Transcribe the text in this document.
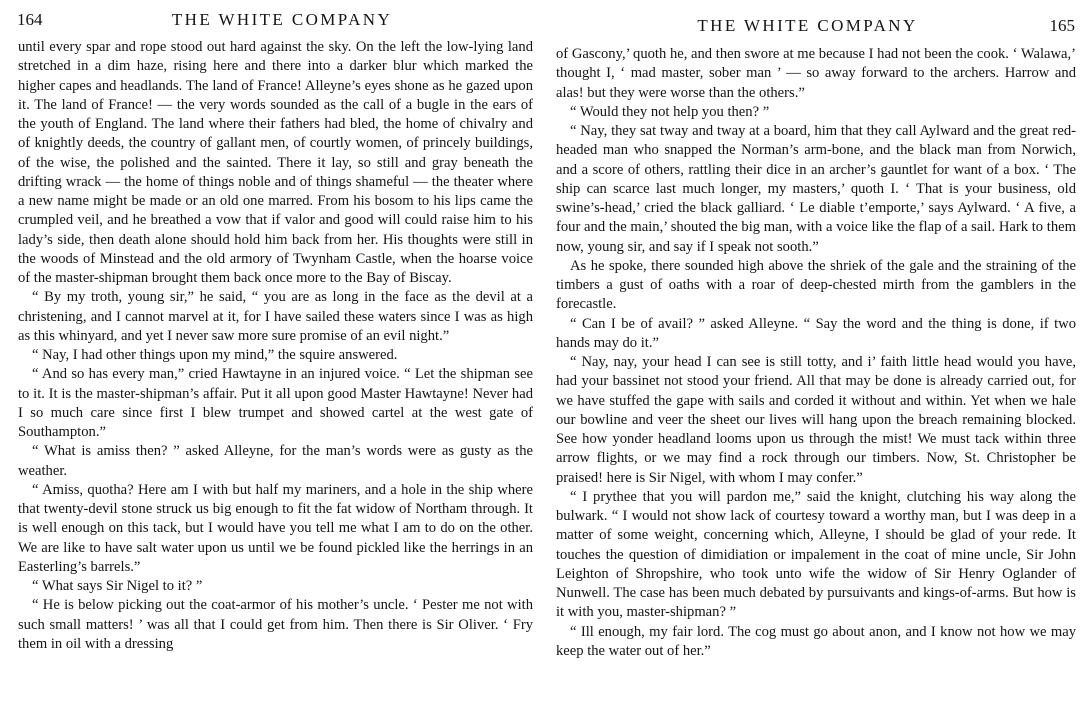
164	THE WHITE COMPANY

until every spar and rope stood out hard against the sky. On the left the low-lying land stretched in a dim haze, rising here and there into a darker blur which marked the higher capes and headlands. The land of France! Alleyne’s eyes shone as he gazed upon it. The land of France! — the very words sounded as the call of a bugle in the ears of the youth of England. The land where their fathers had bled, the home of chivalry and of knightly deeds, the country of gallant men, of courtly women, of princely buildings, of the wise, the polished and the sainted. There it lay, so still and gray beneath the drifting wrack — the home of things noble and of things shameful — the theater where a new name might be made or an old one marred. From his bosom to his lips came the crumpled veil, and he breathed a vow that if valor and good will could raise him to his lady’s side, then death alone should hold him back from her. His thoughts were still in the woods of Minstead and the old armory of Twynham Castle, when the hoarse voice of the master-shipman brought them back once more to the Bay of Biscay.

“ By my troth, young sir,” he said, “ you are as long in the face as the devil at a christening, and I cannot marvel at it, for I have sailed these waters since I was as high as this whinyard, and yet I never saw more sure promise of an evil night.”

“ Nay, I had other things upon my mind,” the squire answered.

“ And so has every man,” cried Hawtayne in an injured voice. “ Let the shipman see to it. It is the master-shipman’s affair. Put it all upon good Master Hawtayne! Never had I so much care since first I blew trumpet and showed cartel at the west gate of Southampton.”

“ What is amiss then? ” asked Alleyne, for the man’s words were as gusty as the weather.

“ Amiss, quotha? Here am I with but half my mariners, and a hole in the ship where that twenty-devil stone struck us big enough to fit the fat widow of Northam through. It is well enough on this tack, but I would have you tell me what I am to do on the other. We are like to have salt water upon us until we be found pickled like the herrings in an Easterling’s barrels.”

“ What says Sir Nigel to it? ”

“ He is below picking out the coat-armor of his mother’s uncle. ‘ Pester me not with such small matters! ’ was all that I could get from him. Then there is Sir Oliver. ‘ Fry them in oil with a dressing

THE WHITE COMPANY	165

of Gascony,’ quoth he, and then swore at me because I had not been the cook. ‘ Walawa,’ thought I, ‘ mad master, sober man ’ — so away forward to the archers. Harrow and alas! but they were worse than the others.”

“ Would they not help you then? ”

“ Nay, they sat tway and tway at a board, him that they call Aylward and the great red-headed man who snapped the Norman’s arm-bone, and the black man from Norwich, and a score of others, rattling their dice in an archer’s gauntlet for want of a box. ‘ The ship can scarce last much longer, my masters,’ quoth I. ‘ That is your business, old swine’s-head,’ cried the black galliard. ‘ Le diable t’emporte,’ says Aylward. ‘ A five, a four and the main,’ shouted the big man, with a voice like the flap of a sail. Hark to them now, young sir, and say if I speak not sooth.”

As he spoke, there sounded high above the shriek of the gale and the straining of the timbers a gust of oaths with a roar of deep-chested mirth from the gamblers in the forecastle.

“ Can I be of avail? ” asked Alleyne. “ Say the word and the thing is done, if two hands may do it.”

“ Nay, nay, your head I can see is still totty, and i’ faith little head would you have, had your bassinet not stood your friend. All that may be done is already carried out, for we have stuffed the gape with sails and corded it without and within. Yet when we hale our bowline and veer the sheet our lives will hang upon the breach remaining blocked. See how yonder headland looms upon us through the mist! We must tack within three arrow flights, or we may find a rock through our timbers. Now, St. Christopher be praised! here is Sir Nigel, with whom I may confer.”

“ I prythee that you will pardon me,” said the knight, clutching his way along the bulwark. “ I would not show lack of courtesy toward a worthy man, but I was deep in a matter of some weight, concerning which, Alleyne, I should be glad of your rede. It touches the question of dimidiation or impalement in the coat of mine uncle, Sir John Leighton of Shropshire, who took unto wife the widow of Sir Henry Oglander of Nunwell. The case has been much debated by pursuivants and kings-of-arms. But how is it with you, master-shipman? ”

“ Ill enough, my fair lord. The cog must go about anon, and I know not how we may keep the water out of her.”
